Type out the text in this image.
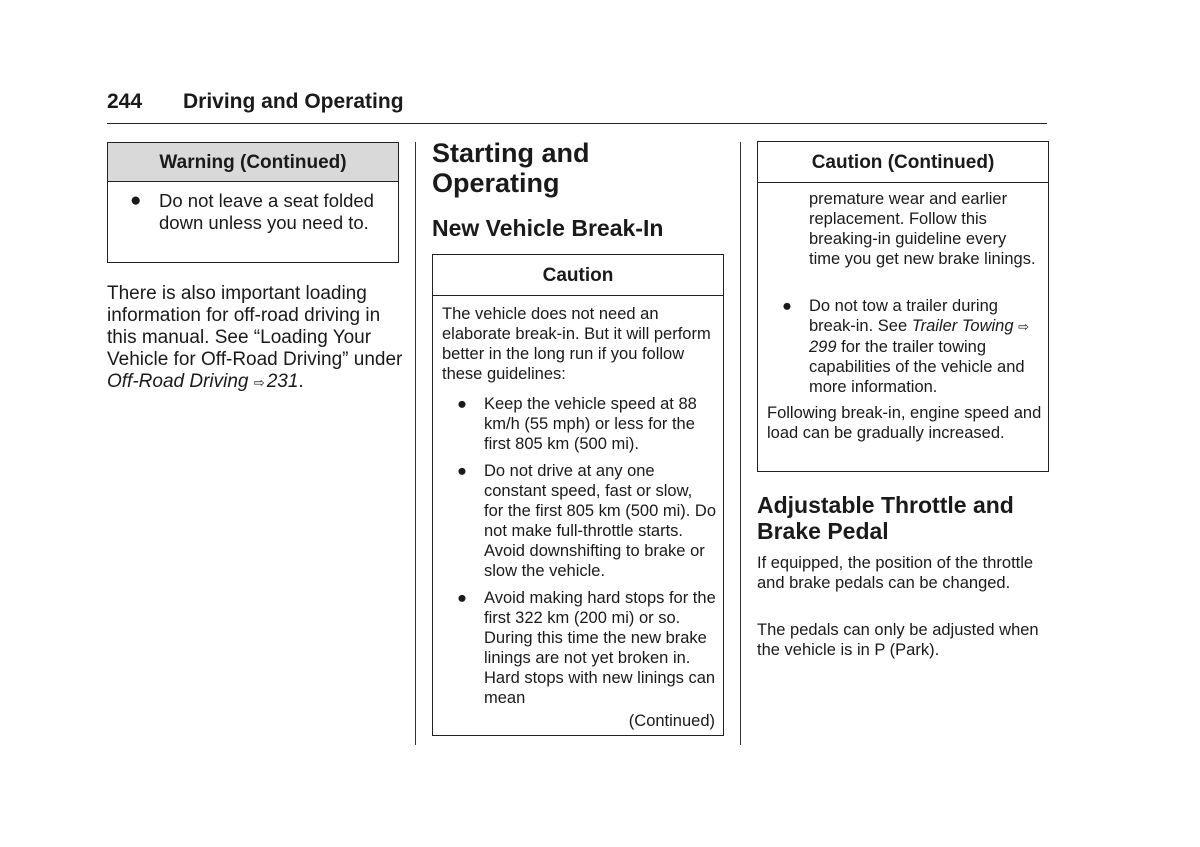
244 Driving and Operating
Warning (Continued)
● Do not leave a seat folded down unless you need to.
There is also important loading information for off-road driving in this manual. See “Loading Your Vehicle for Off-Road Driving” under Off-Road Driving ⇨ 231.
Starting and Operating
New Vehicle Break-In
Caution
The vehicle does not need an elaborate break-in. But it will perform better in the long run if you follow these guidelines:
● Keep the vehicle speed at 88 km/h (55 mph) or less for the first 805 km (500 mi).
● Do not drive at any one constant speed, fast or slow, for the first 805 km (500 mi). Do not make full-throttle starts. Avoid downshifting to brake or slow the vehicle.
● Avoid making hard stops for the first 322 km (200 mi) or so. During this time the new brake linings are not yet broken in. Hard stops with new linings can mean
(Continued)
Caution (Continued)
premature wear and earlier replacement. Follow this breaking-in guideline every time you get new brake linings.
● Do not tow a trailer during break-in. See Trailer Towing ⇨299 for the trailer towing capabilities of the vehicle and more information.
Following break-in, engine speed and load can be gradually increased.
Adjustable Throttle and Brake Pedal
If equipped, the position of the throttle and brake pedals can be changed.
The pedals can only be adjusted when the vehicle is in P (Park).
